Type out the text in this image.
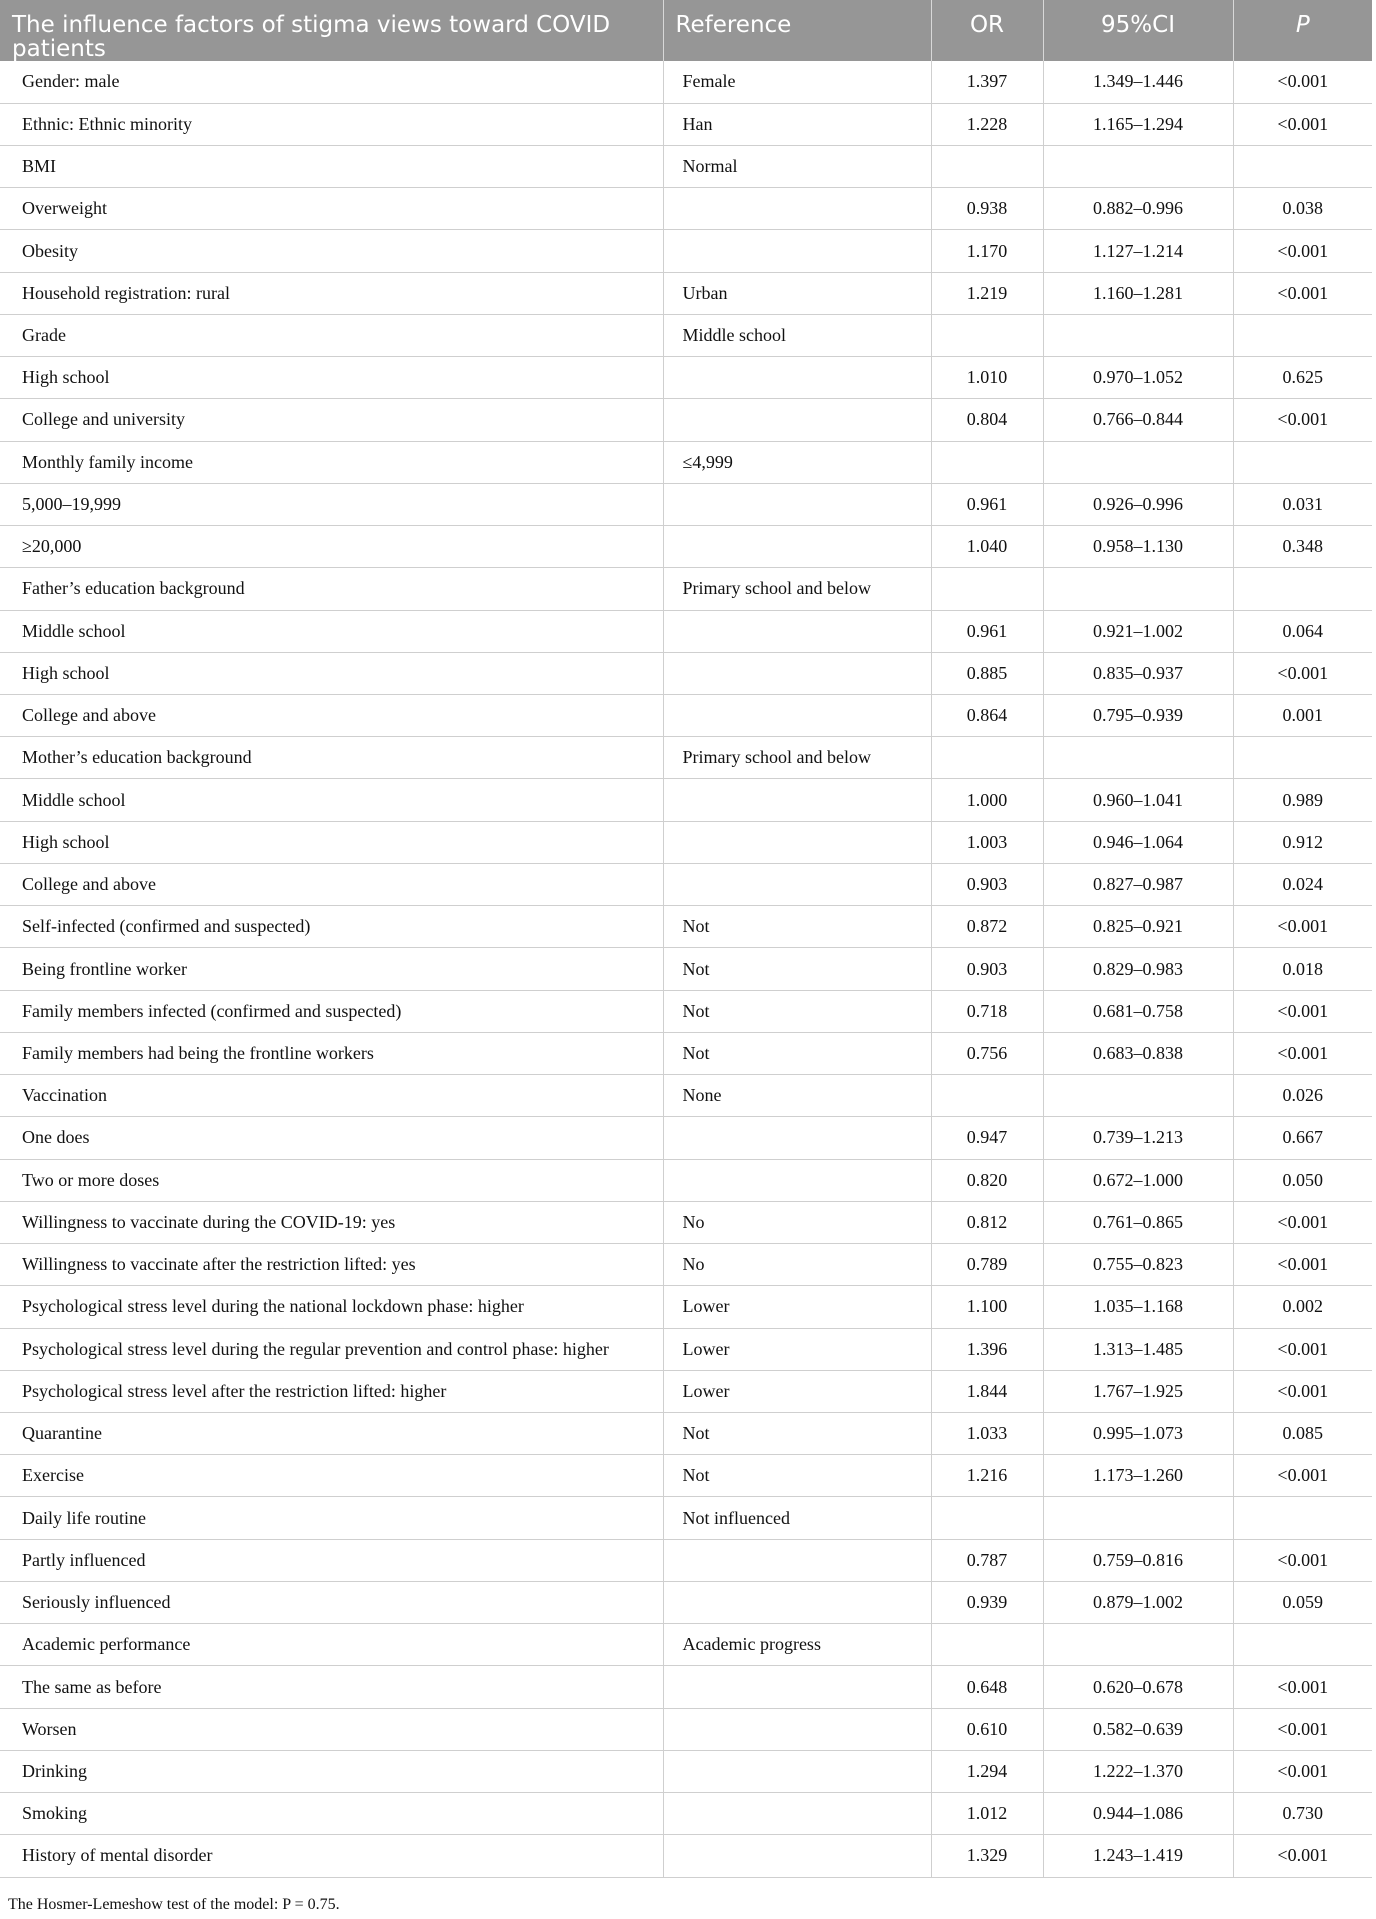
The influence factors of stigma views toward COVID patients	Reference	OR	95%CI	P
Gender: male	Female	1.397	1.349–1.446	<0.001
Ethnic: Ethnic minority	Han	1.228	1.165–1.294	<0.001
BMI	Normal			
Overweight		0.938	0.882–0.996	0.038
Obesity		1.170	1.127–1.214	<0.001
Household registration: rural	Urban	1.219	1.160–1.281	<0.001
Grade	Middle school			
High school		1.010	0.970–1.052	0.625
College and university		0.804	0.766–0.844	<0.001
Monthly family income	≤4,999			
5,000–19,999		0.961	0.926–0.996	0.031
≥20,000		1.040	0.958–1.130	0.348
Father’s education background	Primary school and below			
Middle school		0.961	0.921–1.002	0.064
High school		0.885	0.835–0.937	<0.001
College and above		0.864	0.795–0.939	0.001
Mother’s education background	Primary school and below			
Middle school		1.000	0.960–1.041	0.989
High school		1.003	0.946–1.064	0.912
College and above		0.903	0.827–0.987	0.024
Self-infected (confirmed and suspected)	Not	0.872	0.825–0.921	<0.001
Being frontline worker	Not	0.903	0.829–0.983	0.018
Family members infected (confirmed and suspected)	Not	0.718	0.681–0.758	<0.001
Family members had being the frontline workers	Not	0.756	0.683–0.838	<0.001
Vaccination	None			0.026
One does		0.947	0.739–1.213	0.667
Two or more doses		0.820	0.672–1.000	0.050
Willingness to vaccinate during the COVID-19: yes	No	0.812	0.761–0.865	<0.001
Willingness to vaccinate after the restriction lifted: yes	No	0.789	0.755–0.823	<0.001
Psychological stress level during the national lockdown phase: higher	Lower	1.100	1.035–1.168	0.002
Psychological stress level during the regular prevention and control phase: higher	Lower	1.396	1.313–1.485	<0.001
Psychological stress level after the restriction lifted: higher	Lower	1.844	1.767–1.925	<0.001
Quarantine	Not	1.033	0.995–1.073	0.085
Exercise	Not	1.216	1.173–1.260	<0.001
Daily life routine	Not influenced			
Partly influenced		0.787	0.759–0.816	<0.001
Seriously influenced		0.939	0.879–1.002	0.059
Academic performance	Academic progress			
The same as before		0.648	0.620–0.678	<0.001
Worsen		0.610	0.582–0.639	<0.001
Drinking		1.294	1.222–1.370	<0.001
Smoking		1.012	0.944–1.086	0.730
History of mental disorder		1.329	1.243–1.419	<0.001
The Hosmer-Lemeshow test of the model: P = 0.75.
